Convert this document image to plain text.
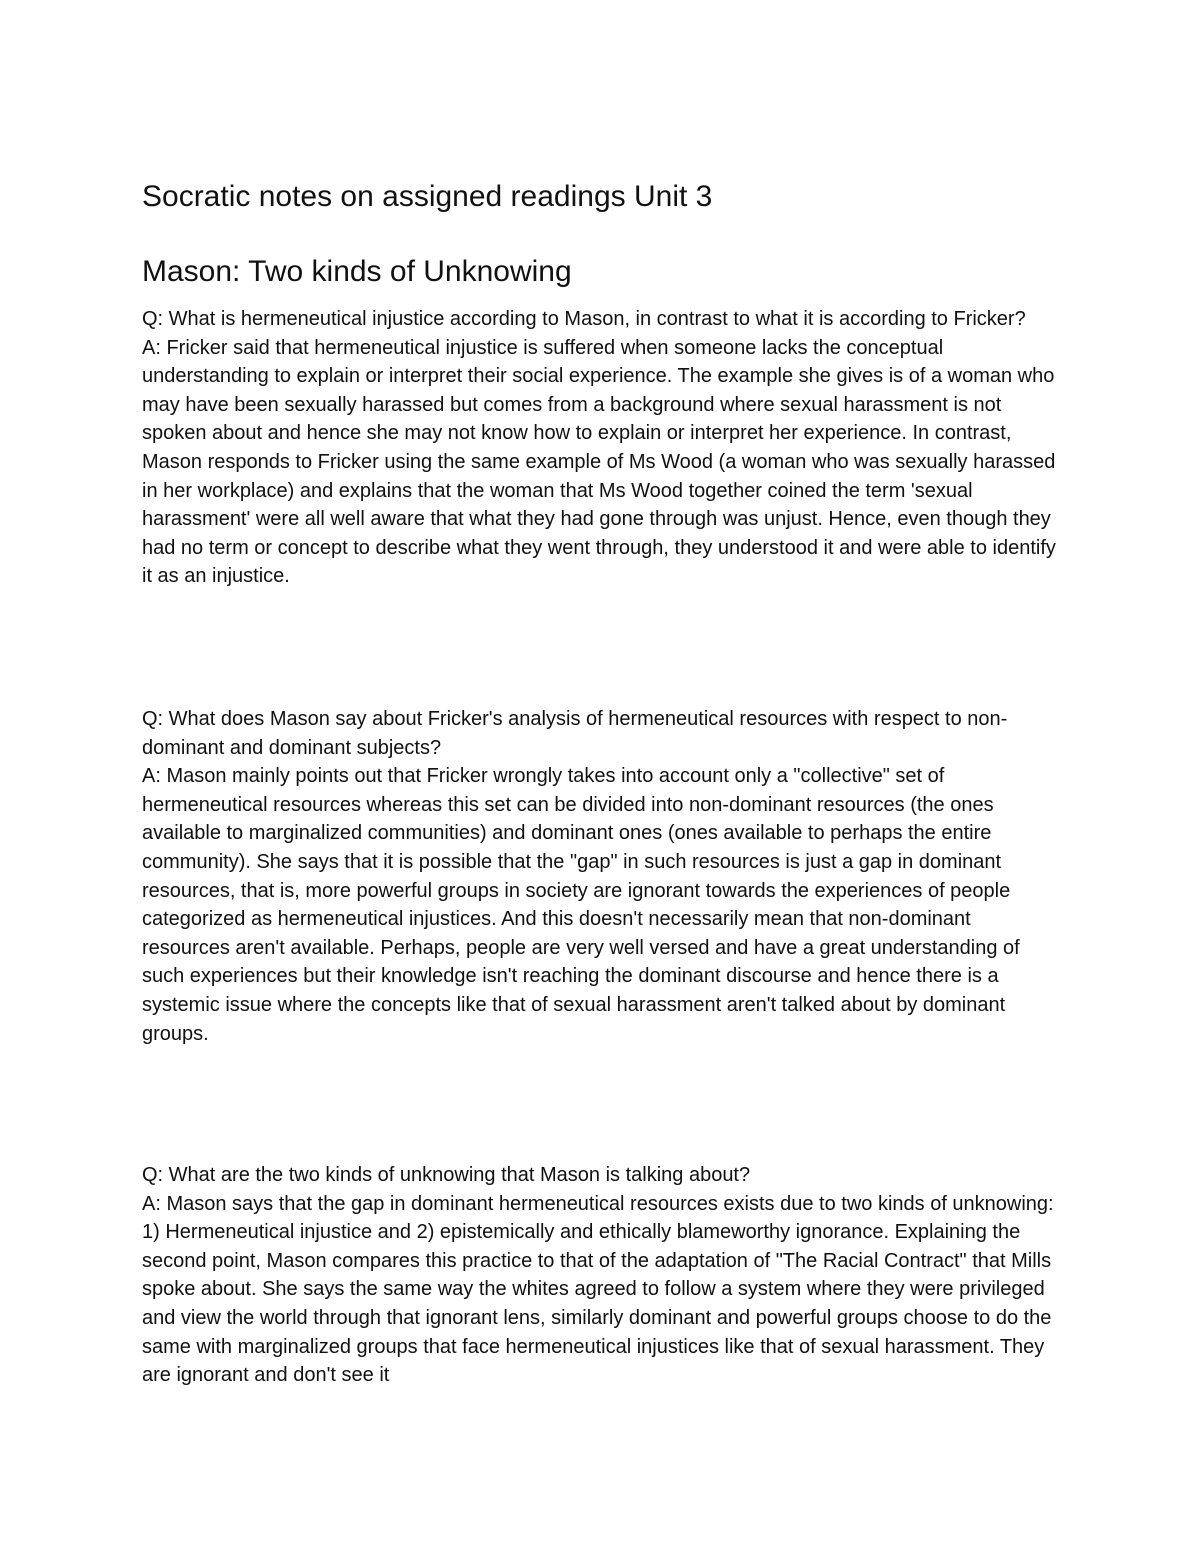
Socratic notes on assigned readings Unit 3
Mason: Two kinds of Unknowing

Q: What is hermeneutical injustice according to Mason, in contrast to what it is according to Fricker?

A: Fricker said that hermeneutical injustice is suffered when someone lacks the conceptual understanding to explain or interpret their social experience. The example she gives is of a woman who may have been sexually harassed but comes from a background where sexual harassment is not spoken about and hence she may not know how to explain or interpret her experience. In contrast, Mason responds to Fricker using the same example of Ms Wood (a woman who was sexually harassed in her workplace) and explains that the woman that Ms Wood together coined the term 'sexual harassment' were all well aware that what they had gone through was unjust. Hence, even though they had no term or concept to describe what they went through, they understood it and were able to identify it as an injustice.

Q: What does Mason say about Fricker's analysis of hermeneutical resources with respect to non-dominant and dominant subjects?

A: Mason mainly points out that Fricker wrongly takes into account only a "collective" set of hermeneutical resources whereas this set can be divided into non-dominant resources (the ones available to marginalized communities) and dominant ones (ones available to perhaps the entire community). She says that it is possible that the "gap" in such resources is just a gap in dominant resources, that is, more powerful groups in society are ignorant towards the experiences of people categorized as hermeneutical injustices. And this doesn't necessarily mean that non-dominant resources aren't available. Perhaps, people are very well versed and have a great understanding of such experiences but their knowledge isn't reaching the dominant discourse and hence there is a systemic issue where the concepts like that of sexual harassment aren't talked about by dominant groups.

Q: What are the two kinds of unknowing that Mason is talking about?

A: Mason says that the gap in dominant hermeneutical resources exists due to two kinds of unknowing: 1) Hermeneutical injustice and 2) epistemically and ethically blameworthy ignorance. Explaining the second point, Mason compares this practice to that of the adaptation of "The Racial Contract" that Mills spoke about. She says the same way the whites agreed to follow a system where they were privileged and view the world through that ignorant lens, similarly dominant and powerful groups choose to do the same with marginalized groups that face hermeneutical injustices like that of sexual harassment. They are ignorant and don't see it
